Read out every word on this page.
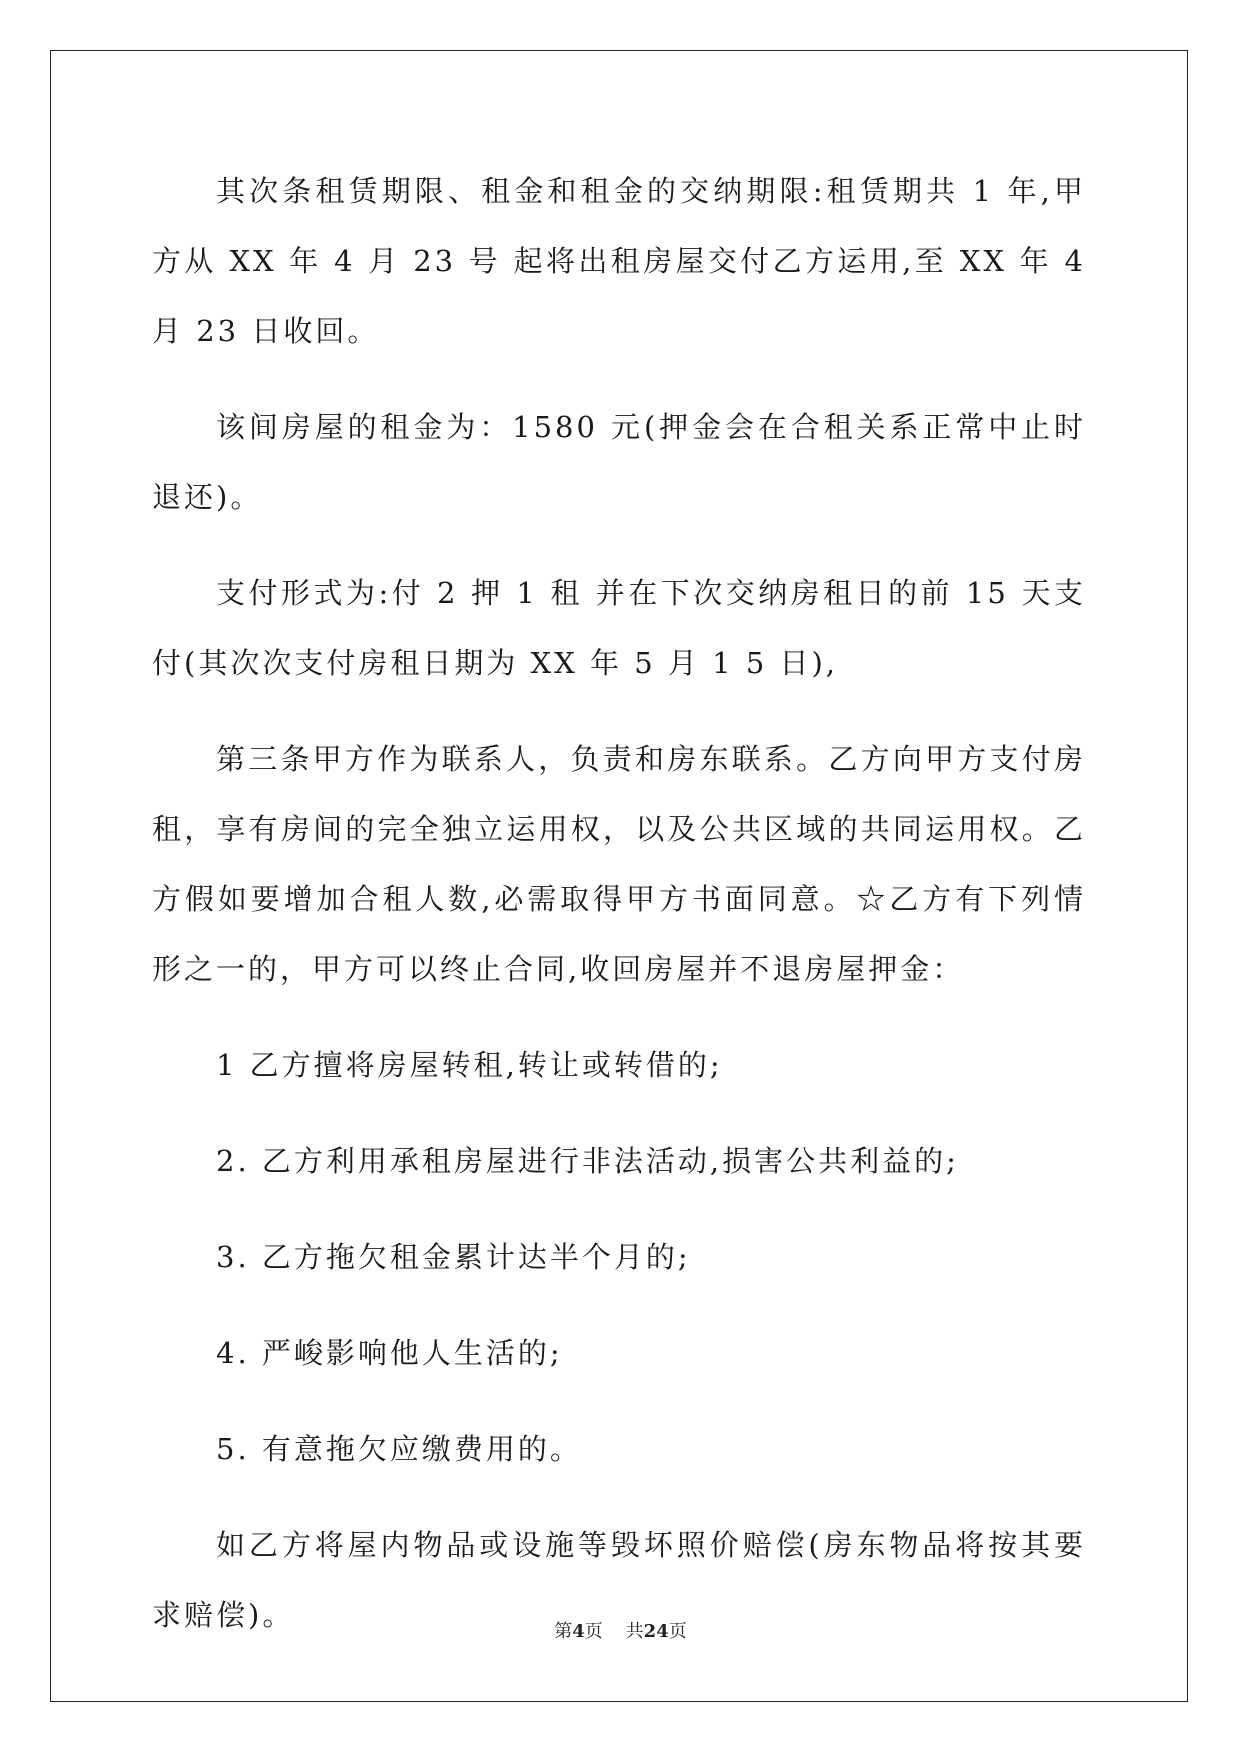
其次条租赁期限、租金和租金的交纳期限:租赁期共 1 年,甲方从 XX 年 4 月 23 号 起将出租房屋交付乙方运用,至 XX 年 4 月 23 日收回。

该间房屋的租金为：1580 元(押金会在合租关系正常中止时退还)。

支付形式为:付 2 押 1 租 并在下次交纳房租日的前 15 天支付(其次次支付房租日期为 XX 年 5 月 1 5 日),

第三条甲方作为联系人，负责和房东联系。乙方向甲方支付房租，享有房间的完全独立运用权，以及公共区域的共同运用权。乙方假如要增加合租人数,必需取得甲方书面同意。☆乙方有下列情形之一的，甲方可以终止合同,收回房屋并不退房屋押金：

1 乙方擅将房屋转租,转让或转借的;

2. 乙方利用承租房屋进行非法活动,损害公共利益的;

3. 乙方拖欠租金累计达半个月的;

4. 严峻影响他人生活的;

5. 有意拖欠应缴费用的。

如乙方将屋内物品或设施等毁坏照价赔偿(房东物品将按其要求赔偿)。	第4页    共24页
